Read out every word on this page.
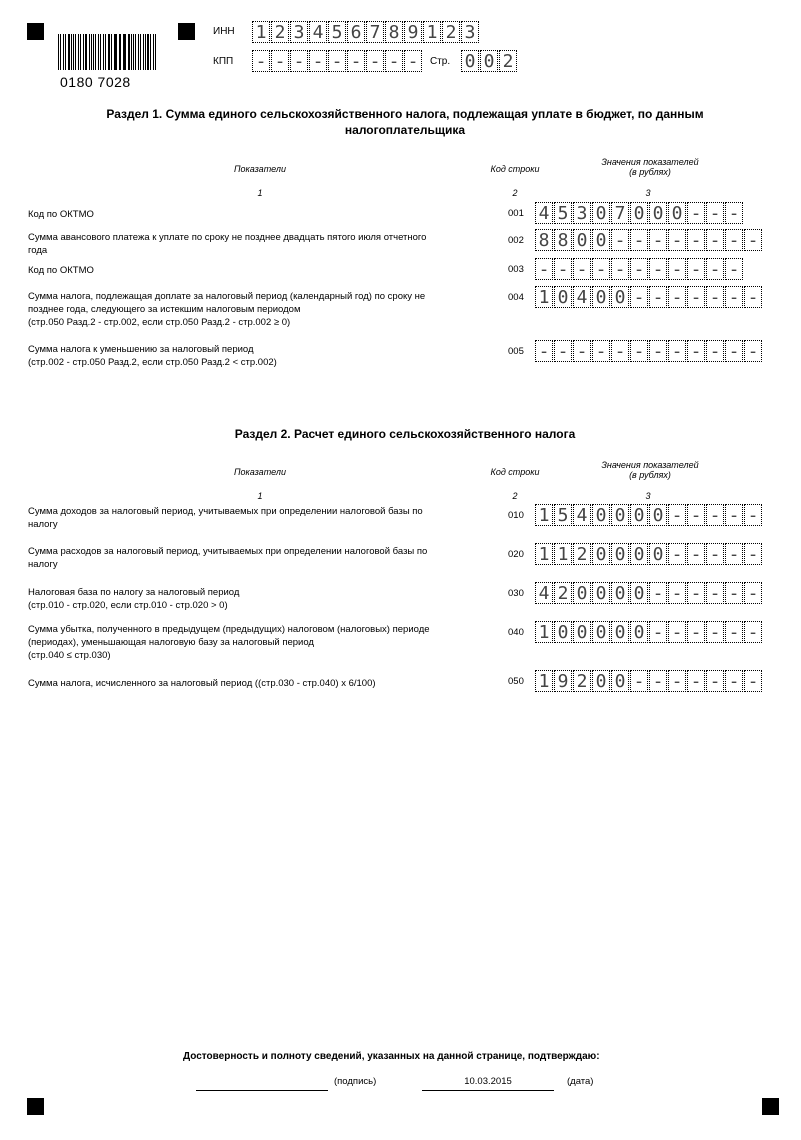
0180 7028
ИНН 1 2 3 4 5 6 7 8 9 1 2 3
КПП - - - - - - - - -	Стр. 0 0 2
Раздел 1. Сумма единого сельскохозяйственного налога, подлежащая уплате в бюджет, по данным
налогоплательщика
Показатели	Код строки
Значения показателей
(в рублях)
1	2	3
Код по ОКТМО	001 4 5 3 0 7 0 0 0 - - -
Сумма авансового платежа к уплате по сроку не позднее двадцать пятого июля отчетного
года
002 8 8 0 0 - - - - - - - -
Код по ОКТМО	003 - - - - - - - - - - -
Сумма налога, подлежащая доплате за налоговый период (календарный год) по сроку не
позднее года, следующего за истекшим налоговым периодом
(стр.050 Разд.2 - стр.002, если стр.050 Разд.2 - стр.002 ≥ 0)
004 1 0 4 0 0 - - - - - - -
Сумма налога к уменьшению за налоговый период
(стр.002 - стр.050 Разд.2, если стр.050 Разд.2 < стр.002)
005 - - - - - - - - - - - -
Раздел 2. Расчет единого сельскохозяйственного налога
Показатели	Код строки
Значения показателей
(в рублях)
1	2	3
Сумма доходов за налоговый период, учитываемых при определении налоговой базы по
налогу
010 1 5 4 0 0 0 0 - - - - -
Сумма расходов за налоговый период, учитываемых при определении налоговой базы по
налогу
020 1 1 2 0 0 0 0 - - - - -
Налоговая база по налогу за налоговый период
(стр.010 - стр.020, если стр.010 - стр.020 > 0)
030 4 2 0 0 0 0 - - - - - -
Сумма убытка, полученного в предыдущем (предыдущих) налоговом (налоговых) периоде
(периодах), уменьшающая налоговую базу за налоговый период
(стр.040 ≤ стр.030)
040 1 0 0 0 0 0 - - - - - -
Сумма налога, исчисленного за налоговый период ((стр.030 - стр.040) х 6/100)	050 1 9 2 0 0 - - - - - - -
Достоверность и полноту сведений, указанных на данной странице, подтверждаю:
(подпись)	10.03.2015	(дата)
